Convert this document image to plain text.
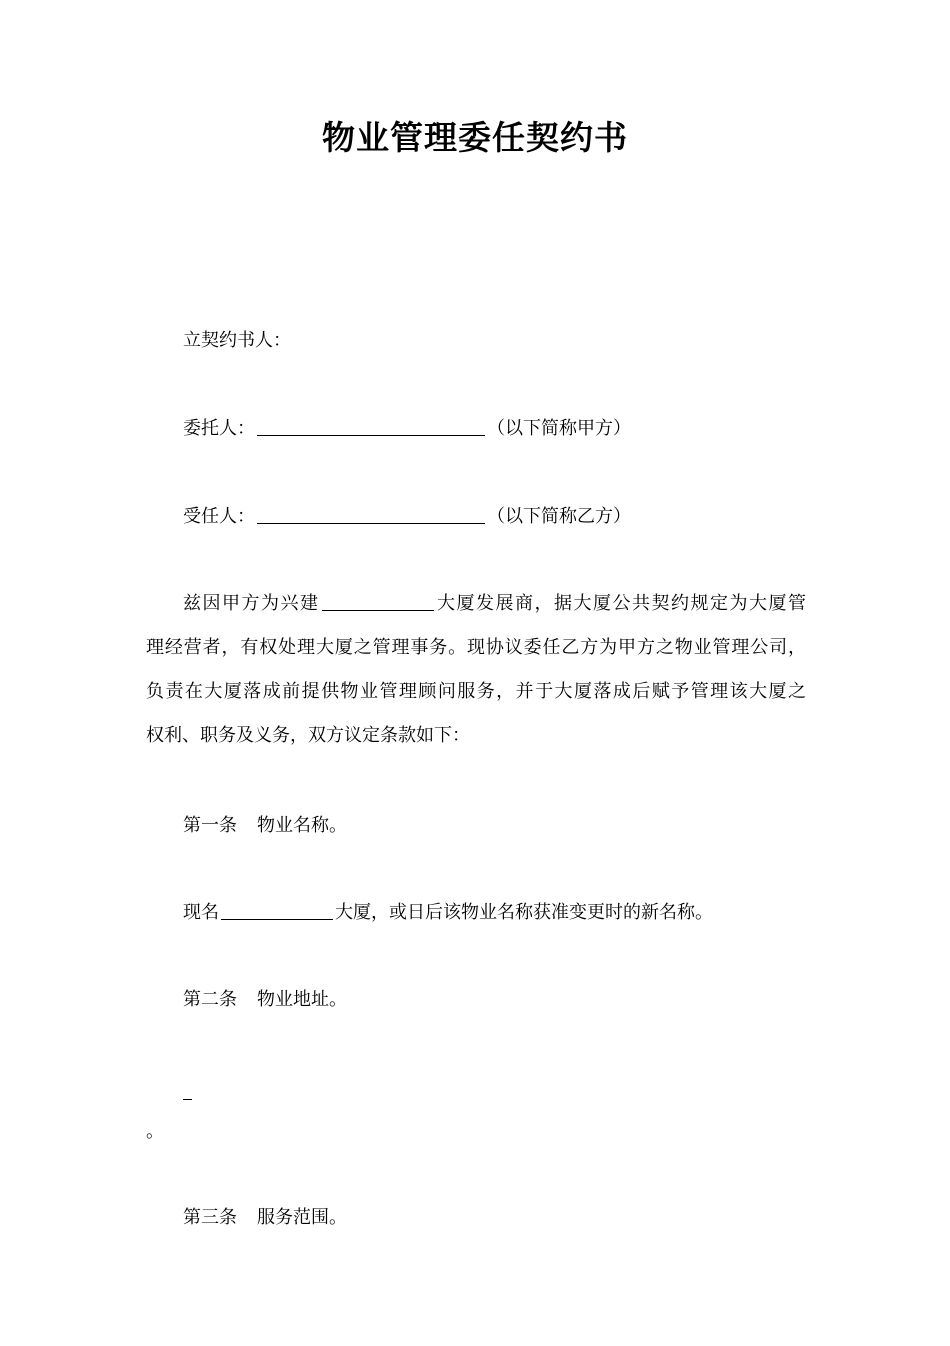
物业管理委任契约书
立契约书人：
委托人：	（以下简称甲方）
受任人：	（以下简称乙方）
兹因甲方为兴建	大厦发展商，据大厦公共契约规定为大厦管
理经营者，有权处理大厦之管理事务。现协议委任乙方为甲方之物业管理公司，
负责在大厦落成前提供物业管理顾问服务，并于大厦落成后赋予管理该大厦之
权利、职务及义务，双方议定条款如下：
第一条 物业名称。
现名	大厦，或日后该物业名称获准变更时的新名称。
第二条 物业地址。
。
第三条 服务范围。
